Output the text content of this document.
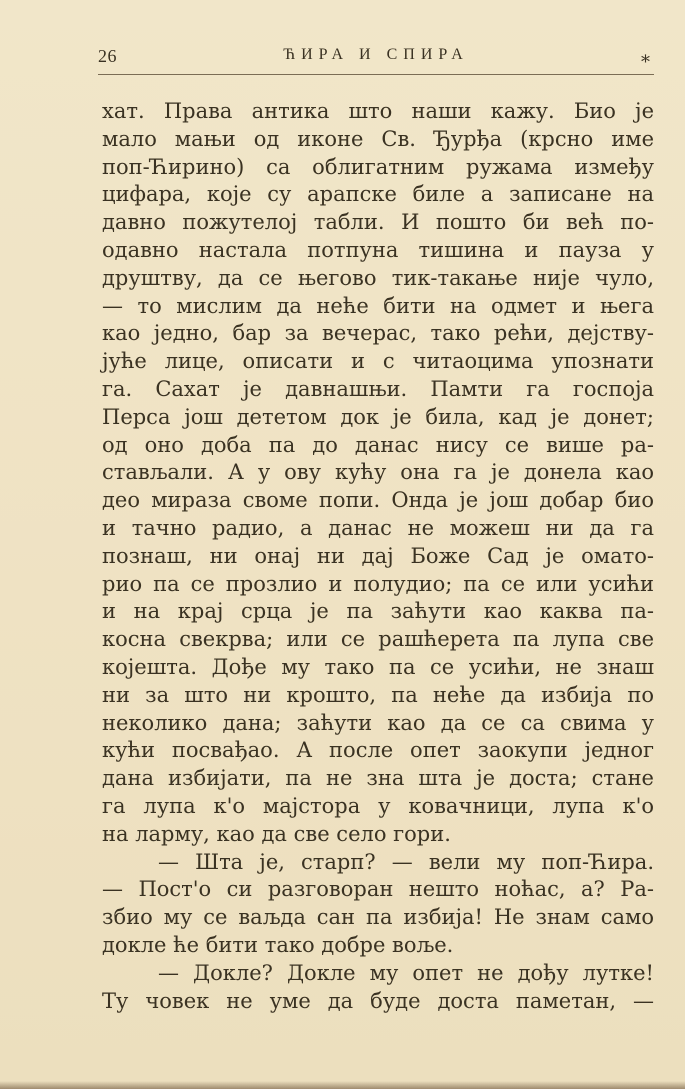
26	ЋИРА И СПИРА	⁎
хат. Права антика што наши кажу. Био је
мало мањи од иконе Св. Ђурђа (крсно име
поп-Ћирино) са облигатним ружама између
цифара, које су арапске биле а записане на
давно пожутелој табли. И пошто би већ по-
одавно настала потпуна тишина и пауза у
друштву, да се његово тик-такање није чуло,
— то мислим да неће бити на одмет и њега
као једно, бар за вечерас, тако рећи, дејству-
јуће лице, описати и с читаоцима упознати
га. Сахат је давнашњи. Памти га госпоја
Перса још дететом док је била, кад је донет;
од оно доба па до данас нису се више ра-
стављали. А у ову кућу она га је донела као
део мираза своме попи. Онда је још добар био
и тачно радио, а данас не можеш ни да га
познаш, ни онај ни дај Боже Сад је омато-
рио па се прозлио и полудио; па се или усићи
и на крај срца је па заћути као каква па-
косна свекрва; или се рашћерета па лупа све
којешта. Дође му тако па се усићи, не знаш
ни за што ни крошто, па неће да избија по
неколико дана; заћути као да се са свима у
кући посвађао. А после опет заокупи једног
дана избијати, па не зна шта је доста; стане
га лупа к'о мајстора у ковачници, лупа к'о
на ларму, као да све село гори.
— Шта је, старп? — вели му поп-Ћира.
— Пост'о си разговоран нешто ноћас, а? Ра-
збио му се ваљда сан па избија! Не знам само
докле ће бити тако добре воље.
— Докле? Докле му опет не дођу лутке!
Ту човек не уме да буде доста паметан, —
